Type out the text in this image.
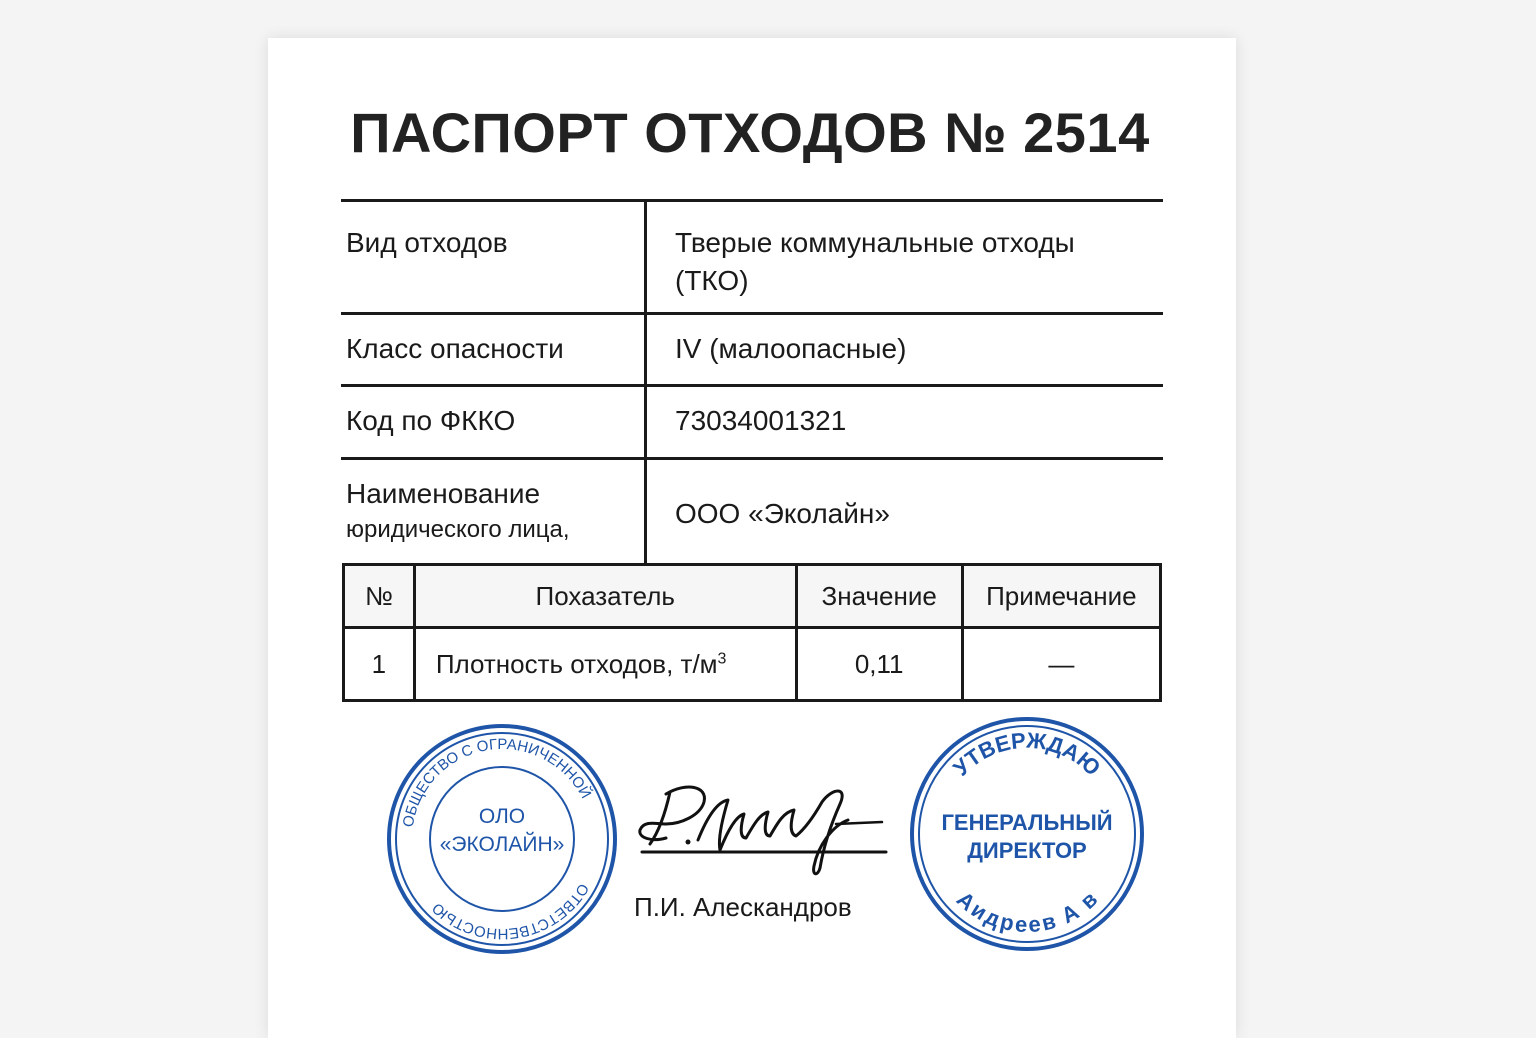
ПАСПОРТ ОТХОДОВ № 2514
Вид отходов	Тверые коммунальные отходы
(ТКО)

Класс опасности	IV (малоопасные)

Код по ФККО	73034001321

Наименование
юридического лица,	ООО «Эколайн»
№	Похазатель	Значение	Примечание
1	Плотность отходов, $т/м^3$	0,11	—
ОБЩЕСТВО С ОГРАНИЧЕННОЙ
ОТВЕТСТВЕННОСТЬЮ
ОЛО
«ЭКОЛАЙН»
П.И. Алескандров
УТВЕРЖДАЮ
Аидреев А в
ГЕНЕРАЛЬНЫЙ
ДИРЕКТОР
